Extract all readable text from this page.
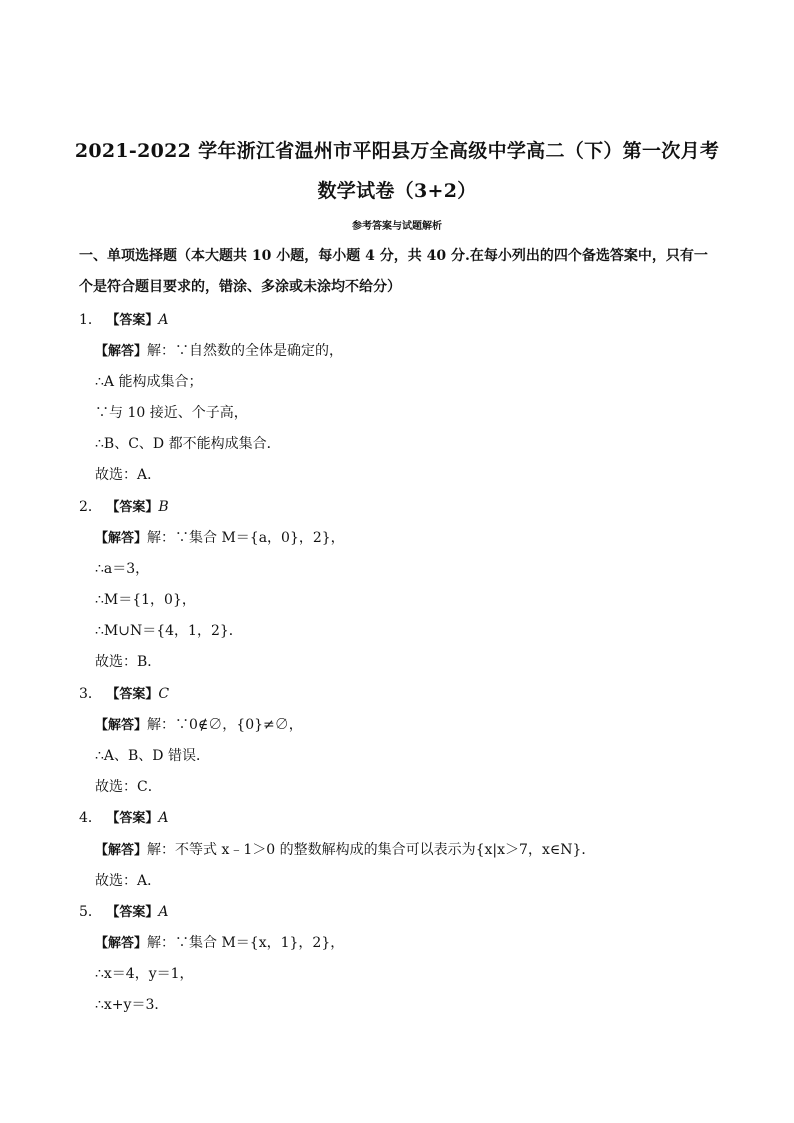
2021-2022 学年浙江省温州市平阳县万全高级中学高二（下）第一次月考
数学试卷（3+2）
参考答案与试题解析
一、单项选择题（本大题共 10 小题，每小题 4 分，共 40 分.在每小列出的四个备选答案中，只有一个是符合题目要求的，错涂、多涂或未涂均不给分）
1． 【答案】A
【解答】解：∵自然数的全体是确定的，
∴A 能构成集合；
∵与 10 接近、个子高，
∴B、C、D 都不能构成集合．
故选：A．
2． 【答案】B
【解答】解：∵集合 M＝{a，0}，2}，
∴a＝3，
∴M＝{1，0}，
∴M∪N＝{4，1，2}．
故选：B．
3． 【答案】C
【解答】解：∵0∉∅，{0}≠∅，
∴A、B、D 错误．
故选：C．
4． 【答案】A
【解答】解：不等式 x﹣1＞0 的整数解构成的集合可以表示为{x|x＞7，x∈N}．
故选：A．
5． 【答案】A
【解答】解：∵集合 M＝{x，1}，2}，
∴x＝4，y＝1，
∴x+y＝3．
